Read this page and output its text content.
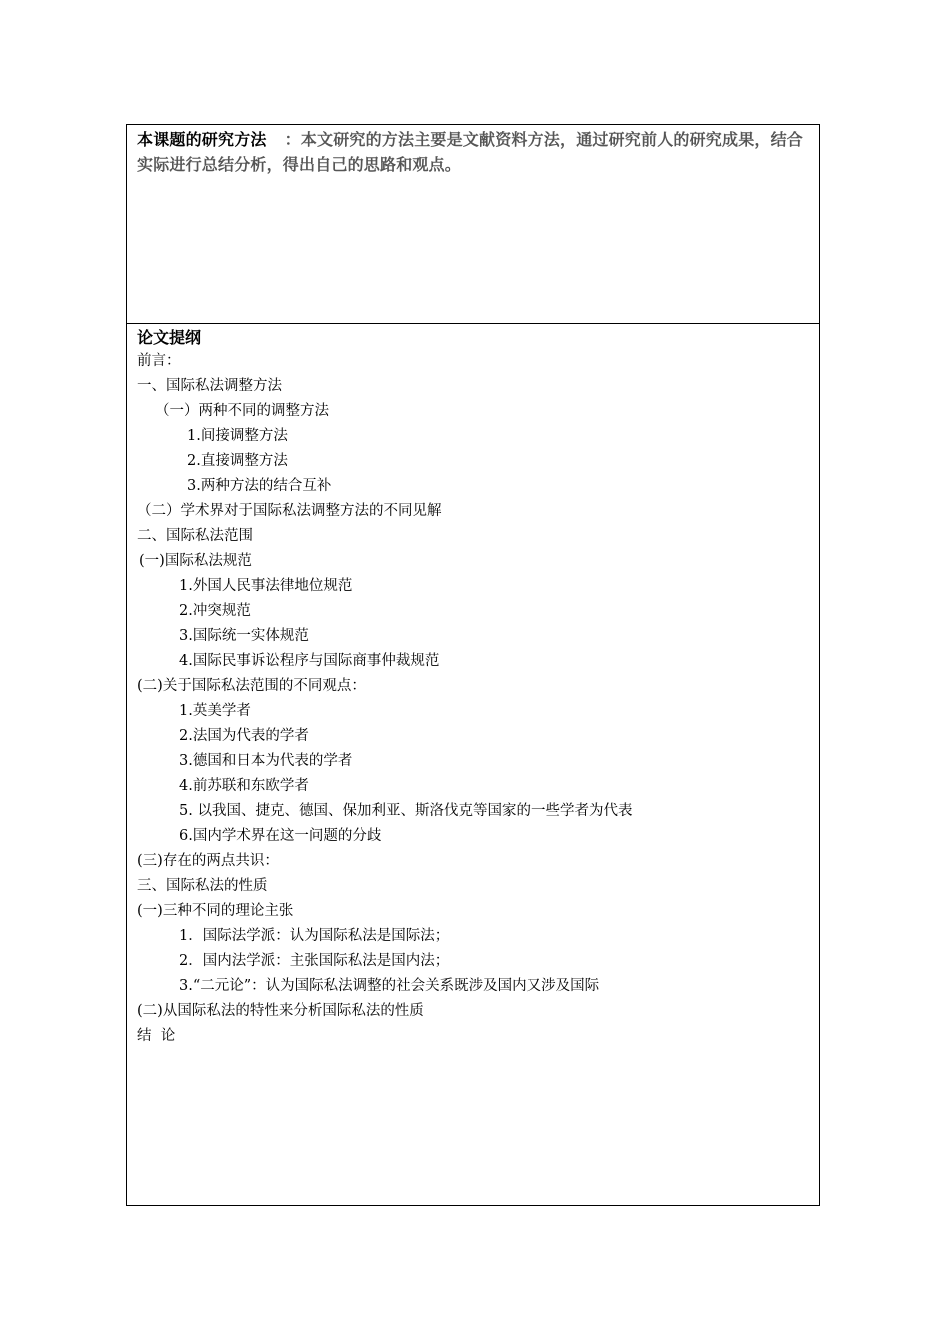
本课题的研究方法 ：本文研究的方法主要是文献资料方法，通过研究前人的研究成果，结合实际进行总结分析，得出自己的思路和观点。
论文提纲
前言：
一、国际私法调整方法
（一）两种不同的调整方法
1.间接调整方法
2.直接调整方法
3.两种方法的结合互补
（二）学术界对于国际私法调整方法的不同见解
二、国际私法范围
(一)国际私法规范
1.外国人民事法律地位规范
2.冲突规范
3.国际统一实体规范
4.国际民事诉讼程序与国际商事仲裁规范
(二)关于国际私法范围的不同观点：
1.英美学者
2.法国为代表的学者
3.德国和日本为代表的学者
4.前苏联和东欧学者
5. 以我国、捷克、德国、保加利亚、斯洛伐克等国家的一些学者为代表
6.国内学术界在这一问题的分歧
(三)存在的两点共识：
三、国际私法的性质
(一)三种不同的理论主张
1．国际法学派：认为国际私法是国际法；
2．国内法学派：主张国际私法是国内法；
3.“二元论”：认为国际私法调整的社会关系既涉及国内又涉及国际
(二)从国际私法的特性来分析国际私法的性质
结  论
